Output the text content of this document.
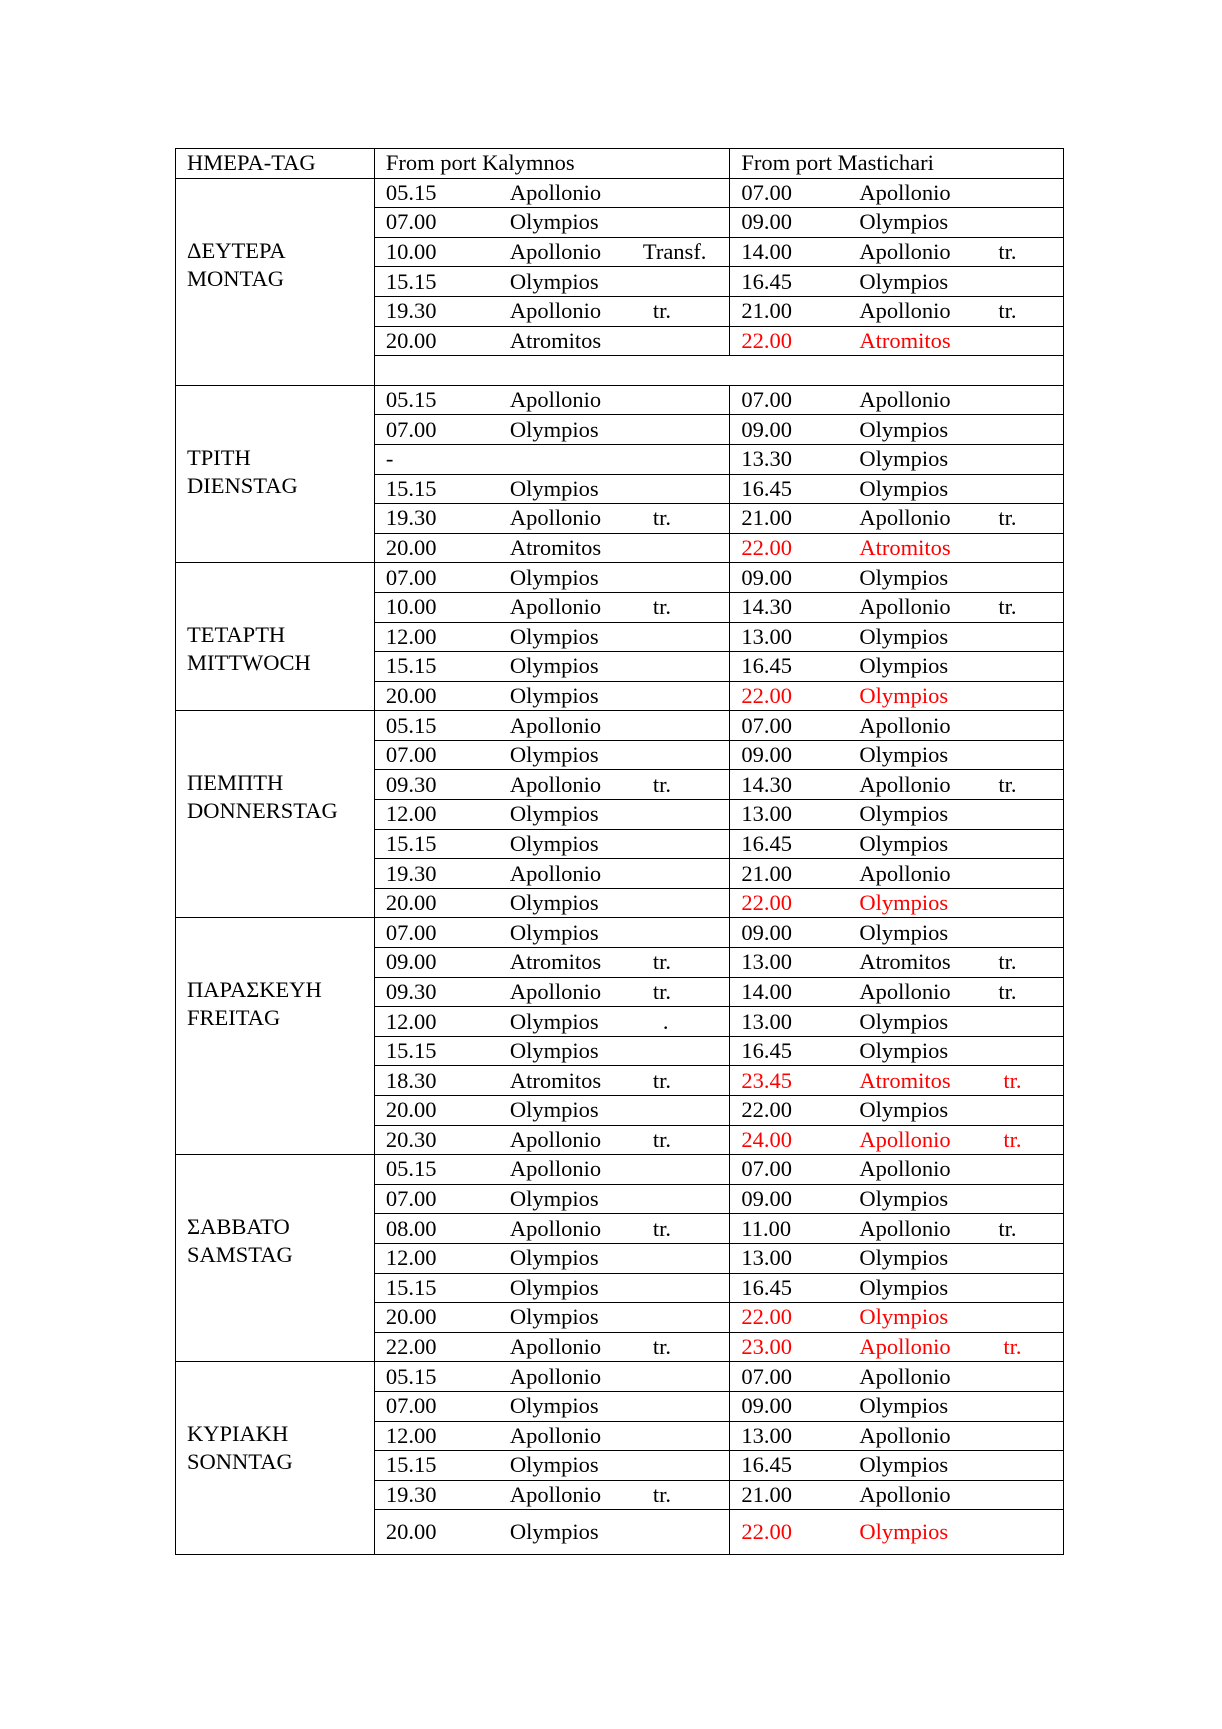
ΗΜΕΡΑ-TAG	From port Kalymnos	From port Mastichari

ΔΕΥΤΕΡΑ
MONTAG	05.15 Apollonio	07.00 Apollonio

	07.00 Olympios	09.00 Olympios

	10.00 Apollonio Transf.	14.00 Apollonio tr.

	15.15 Olympios	16.45 Olympios

	19.30 Apollonio tr.	21.00 Apollonio tr.

	20.00 Atromitos	22.00 Atromitos

ΤΡΙΤΗ
DIENSTAG	05.15 Apollonio	07.00 Apollonio

	07.00 Olympios	09.00 Olympios

	-	13.30 Olympios

	15.15 Olympios	16.45 Olympios

	19.30 Apollonio tr.	21.00 Apollonio tr.

	20.00 Atromitos	22.00 Atromitos

ΤΕΤΑΡΤΗ
MITTWOCH	07.00 Olympios	09.00 Olympios

	10.00 Apollonio tr.	14.30 Apollonio tr.

	12.00 Olympios	13.00 Olympios

	15.15 Olympios	16.45 Olympios

	20.00 Olympios	22.00 Olympios

ΠΕΜΠΤΗ
DONNERSTAG	05.15 Apollonio	07.00 Apollonio

	07.00 Olympios	09.00 Olympios

	09.30 Apollonio tr.	14.30 Apollonio tr.

	12.00 Olympios	13.00 Olympios

	15.15 Olympios	16.45 Olympios

	19.30 Apollonio	21.00 Apollonio

	20.00 Olympios	22.00 Olympios

ΠΑΡΑΣΚΕΥΗ
FREITAG	07.00 Olympios	09.00 Olympios

	09.00 Atromitos tr.	13.00 Atromitos tr.

	09.30 Apollonio tr.	14.00 Apollonio tr.

	12.00 Olympios .	13.00 Olympios

	15.15 Olympios	16.45 Olympios

	18.30 Atromitos tr.	23.45 Atromitos tr.

	20.00 Olympios	22.00 Olympios

	20.30 Apollonio tr.	24.00 Apollonio tr.

ΣΑΒΒΑΤΟ
SAMSTAG	05.15 Apollonio	07.00 Apollonio

	07.00 Olympios	09.00 Olympios

	08.00 Apollonio tr.	11.00 Apollonio tr.

	12.00 Olympios	13.00 Olympios

	15.15 Olympios	16.45 Olympios

	20.00 Olympios	22.00 Olympios

	22.00 Apollonio tr.	23.00 Apollonio tr.

ΚΥΡΙΑΚΗ
SONNTAG	05.15 Apollonio	07.00 Apollonio

	07.00 Olympios	09.00 Olympios

	12.00 Apollonio	13.00 Apollonio

	15.15 Olympios	16.45 Olympios

	19.30 Apollonio tr.	21.00 Apollonio

	20.00 Olympios	22.00 Olympios
